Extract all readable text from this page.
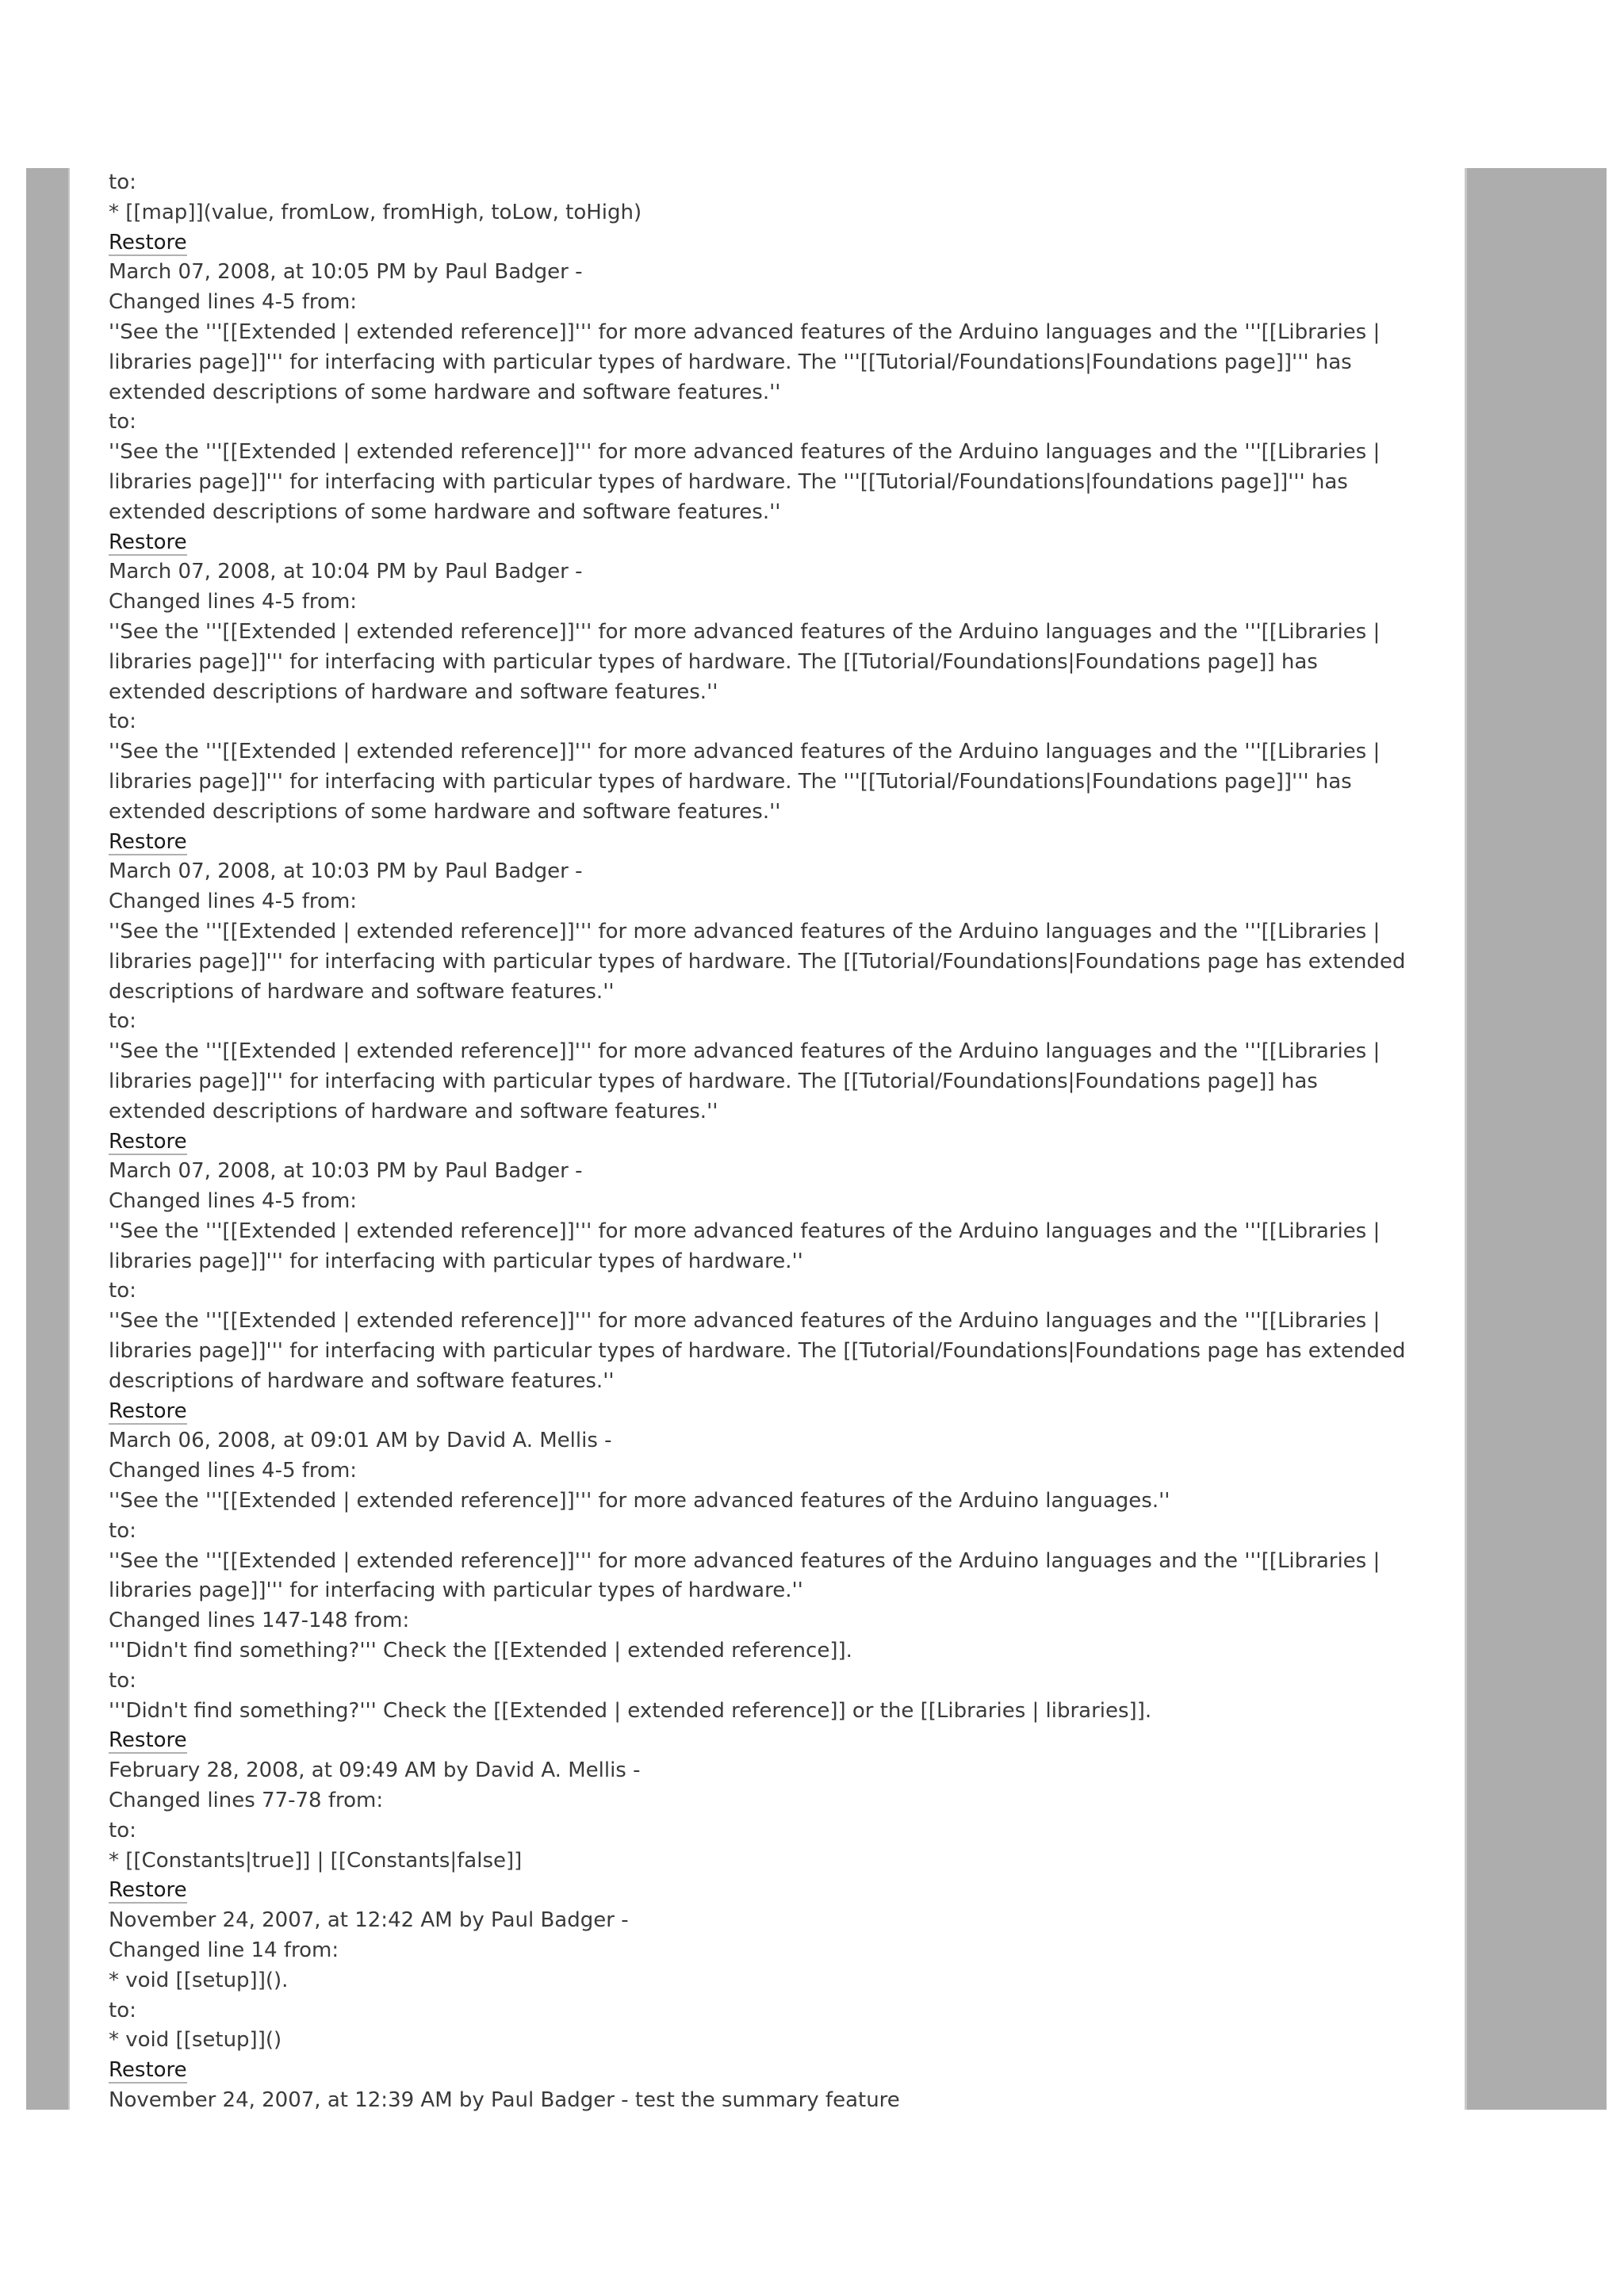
to:
* [[map]](value, fromLow, fromHigh, toLow, toHigh)
Restore
March 07, 2008, at 10:05 PM by Paul Badger -
Changed lines 4-5 from:
''See the '''[[Extended | extended reference]]''' for more advanced features of the Arduino languages and the '''[[Libraries | libraries page]]''' for interfacing with particular types of hardware. The '''[[Tutorial/Foundations|Foundations page]]''' has extended descriptions of some hardware and software features.''
to:
''See the '''[[Extended | extended reference]]''' for more advanced features of the Arduino languages and the '''[[Libraries | libraries page]]''' for interfacing with particular types of hardware. The '''[[Tutorial/Foundations|foundations page]]''' has extended descriptions of some hardware and software features.''
Restore
March 07, 2008, at 10:04 PM by Paul Badger -
Changed lines 4-5 from:
''See the '''[[Extended | extended reference]]''' for more advanced features of the Arduino languages and the '''[[Libraries | libraries page]]''' for interfacing with particular types of hardware. The [[Tutorial/Foundations|Foundations page]] has extended descriptions of hardware and software features.''
to:
''See the '''[[Extended | extended reference]]''' for more advanced features of the Arduino languages and the '''[[Libraries | libraries page]]''' for interfacing with particular types of hardware. The '''[[Tutorial/Foundations|Foundations page]]''' has extended descriptions of some hardware and software features.''
Restore
March 07, 2008, at 10:03 PM by Paul Badger -
Changed lines 4-5 from:
''See the '''[[Extended | extended reference]]''' for more advanced features of the Arduino languages and the '''[[Libraries | libraries page]]''' for interfacing with particular types of hardware. The [[Tutorial/Foundations|Foundations page has extended descriptions of hardware and software features.''
to:
''See the '''[[Extended | extended reference]]''' for more advanced features of the Arduino languages and the '''[[Libraries | libraries page]]''' for interfacing with particular types of hardware. The [[Tutorial/Foundations|Foundations page]] has extended descriptions of hardware and software features.''
Restore
March 07, 2008, at 10:03 PM by Paul Badger -
Changed lines 4-5 from:
''See the '''[[Extended | extended reference]]''' for more advanced features of the Arduino languages and the '''[[Libraries | libraries page]]''' for interfacing with particular types of hardware.''
to:
''See the '''[[Extended | extended reference]]''' for more advanced features of the Arduino languages and the '''[[Libraries | libraries page]]''' for interfacing with particular types of hardware. The [[Tutorial/Foundations|Foundations page has extended descriptions of hardware and software features.''
Restore
March 06, 2008, at 09:01 AM by David A. Mellis -
Changed lines 4-5 from:
''See the '''[[Extended | extended reference]]''' for more advanced features of the Arduino languages.''
to:
''See the '''[[Extended | extended reference]]''' for more advanced features of the Arduino languages and the '''[[Libraries | libraries page]]''' for interfacing with particular types of hardware.''
Changed lines 147-148 from:
'''Didn't find something?''' Check the [[Extended | extended reference]].
to:
'''Didn't find something?''' Check the [[Extended | extended reference]] or the [[Libraries | libraries]].
Restore
February 28, 2008, at 09:49 AM by David A. Mellis -
Changed lines 77-78 from:
to:
* [[Constants|true]] | [[Constants|false]]
Restore
November 24, 2007, at 12:42 AM by Paul Badger -
Changed line 14 from:
* void [[setup]]().
to:
* void [[setup]]()
Restore
November 24, 2007, at 12:39 AM by Paul Badger - test the summary feature
